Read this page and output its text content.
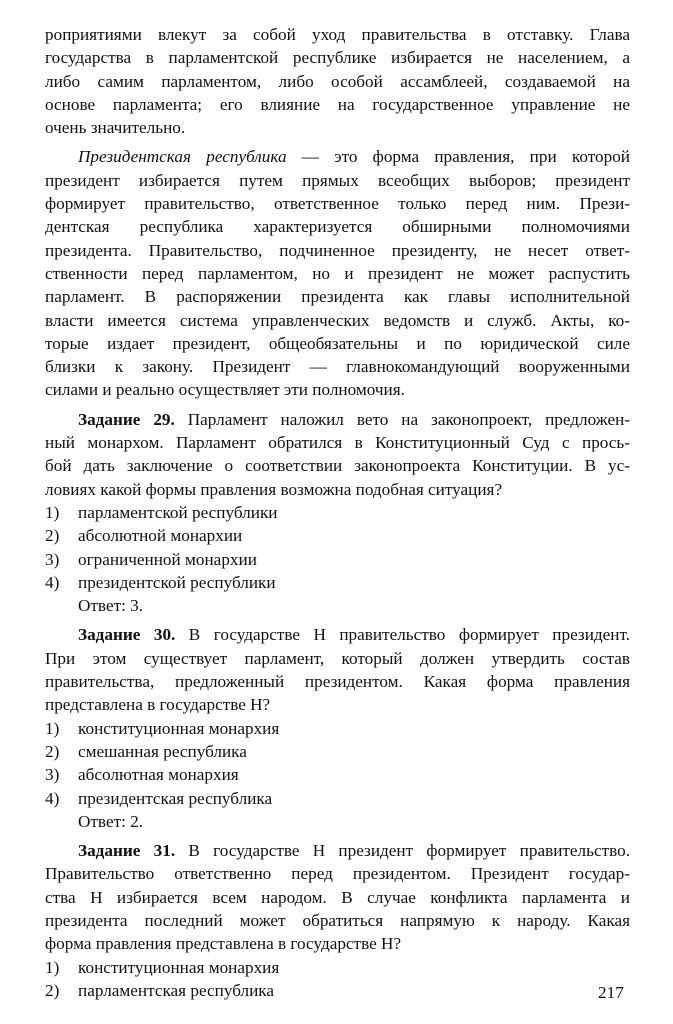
роприятиями влекут за собой уход правительства в отставку. Глава
государства в парламентской республике избирается не населением, а
либо самим парламентом, либо особой ассамблеей, создаваемой на
основе парламента; его влияние на государственное управление не
очень значительно.
Президентская республика — это форма правления, при которой
президент избирается путем прямых всеобщих выборов; президент
формирует правительство, ответственное только перед ним. Прези-
дентская республика характеризуется обширными полномочиями
президента. Правительство, подчиненное президенту, не несет ответ-
ственности перед парламентом, но и президент не может распустить
парламент. В распоряжении президента как главы исполнительной
власти имеется система управленческих ведомств и служб. Акты, ко-
торые издает президент, общеобязательны и по юридической силе
близки к закону. Президент — главнокомандующий вооруженными
силами и реально осуществляет эти полномочия.
Задание 29. Парламент наложил вето на законопроект, предложен-
ный монархом. Парламент обратился в Конституционный Суд с прось-
бой дать заключение о соответствии законопроекта Конституции. В ус-
ловиях какой формы правления возможна подобная ситуация?
1) парламентской республики
2) абсолютной монархии
3) ограниченной монархии
4) президентской республики
Ответ: 3.
Задание 30. В государстве Н правительство формирует президент.
При этом существует парламент, который должен утвердить состав
правительства, предложенный президентом. Какая форма правления
представлена в государстве Н?
1) конституционная монархия
2) смешанная республика
3) абсолютная монархия
4) президентская республика
Ответ: 2.
Задание 31. В государстве Н президент формирует правительство.
Правительство ответственно перед президентом. Президент государ-
ства Н избирается всем народом. В случае конфликта парламента и
президента последний может обратиться напрямую к народу. Какая
форма правления представлена в государстве Н?
1) конституционная монархия
2) парламентская республика	217
